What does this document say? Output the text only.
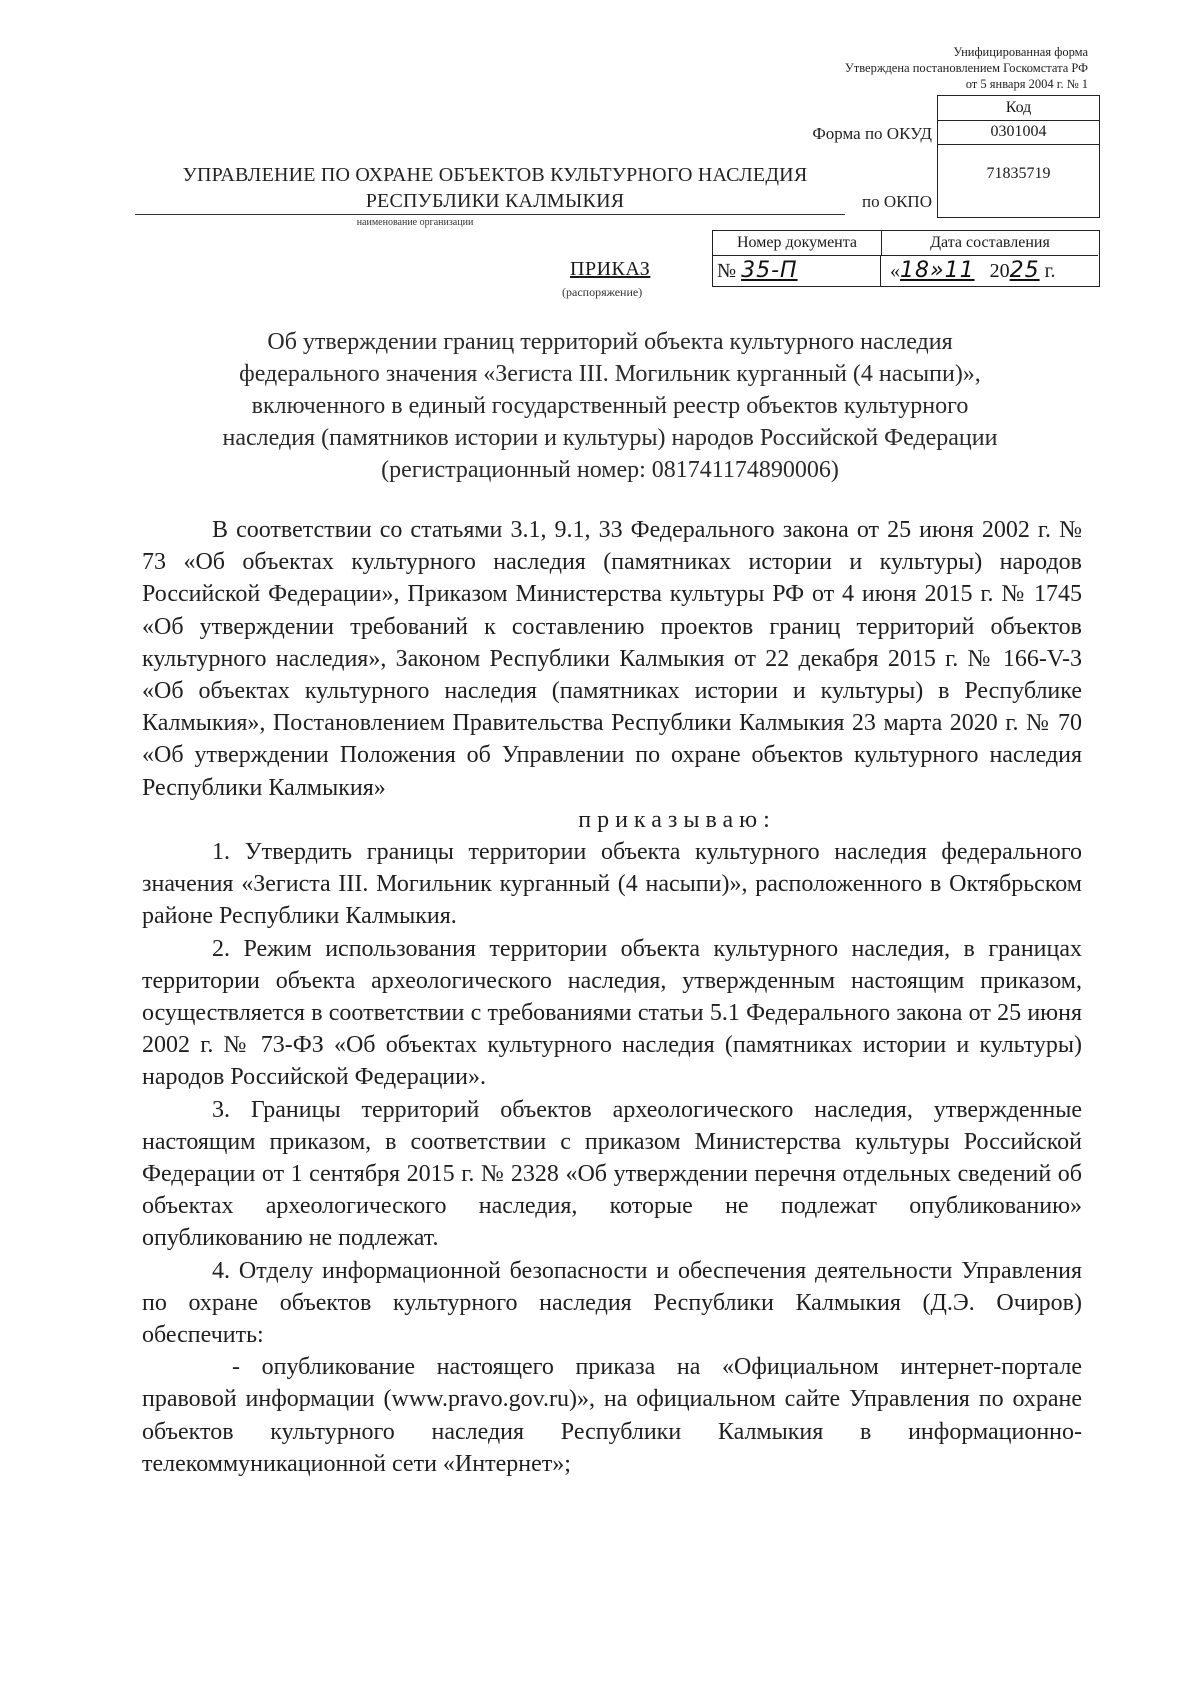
Унифицированная форма
Утверждена постановлением Госкомстата РФ
от 5 января 2004 г. № 1
Код
0301004
71835719
Форма по ОКУД
по ОКПО
УПРАВЛЕНИЕ ПО ОХРАНЕ ОБЪЕКТОВ КУЛЬТУРНОГО НАСЛЕДИЯ
РЕСПУБЛИКИ КАЛМЫКИЯ
наименование организации
Номер документа	Дата составления
№ 35-П	«18»11 2025 г.
ПРИКАЗ
(распоряжение)
Об утверждении границ территорий объекта культурного наследия
федерального значения «Зегиста III. Могильник курганный (4 насыпи)»,
включенного в единый государственный реестр объектов культурного
наследия (памятников истории и культуры) народов Российской Федерации
(регистрационный номер: 081741174890006)

В соответствии со статьями 3.1, 9.1, 33 Федерального закона от 25 июня 2002 г. № 73 «Об объектах культурного наследия (памятниках истории и культуры) народов Российской Федерации», Приказом Министерства культуры РФ от 4 июня 2015 г. № 1745 «Об утверждении требований к составлению проектов границ территорий объектов культурного наследия», Законом Республики Калмыкия от 22 декабря 2015 г. № 166-V-3 «Об объектах культурного наследия (памятниках истории и культуры) в Республике Калмыкия», Постановлением Правительства Республики Калмыкия 23 марта 2020 г. № 70 «Об утверждении Положения об Управлении по охране объектов культурного наследия Республики Калмыкия»

приказываю:

1. Утвердить границы территории объекта культурного наследия федерального значения «Зегиста III. Могильник курганный (4 насыпи)», расположенного в Октябрьском районе Республики Калмыкия.

2. Режим использования территории объекта культурного наследия, в границах территории объекта археологического наследия, утвержденным настоящим приказом, осуществляется в соответствии с требованиями статьи 5.1 Федерального закона от 25 июня 2002 г. № 73-ФЗ «Об объектах культурного наследия (памятниках истории и культуры) народов Российской Федерации».

3. Границы территорий объектов археологического наследия, утвержденные настоящим приказом, в соответствии с приказом Министерства культуры Российской Федерации от 1 сентября 2015 г. № 2328 «Об утверждении перечня отдельных сведений об объектах археологического наследия, которые не подлежат опубликованию» опубликованию не подлежат.

4. Отделу информационной безопасности и обеспечения деятельности Управления по охране объектов культурного наследия Республики Калмыкия (Д.Э. Очиров) обеспечить:

- опубликование настоящего приказа на «Официальном интернет-портале правовой информации (www.pravo.gov.ru)», на официальном сайте Управления по охране объектов культурного наследия Республики Калмыкия в информационно-телекоммуникационной сети «Интернет»;
